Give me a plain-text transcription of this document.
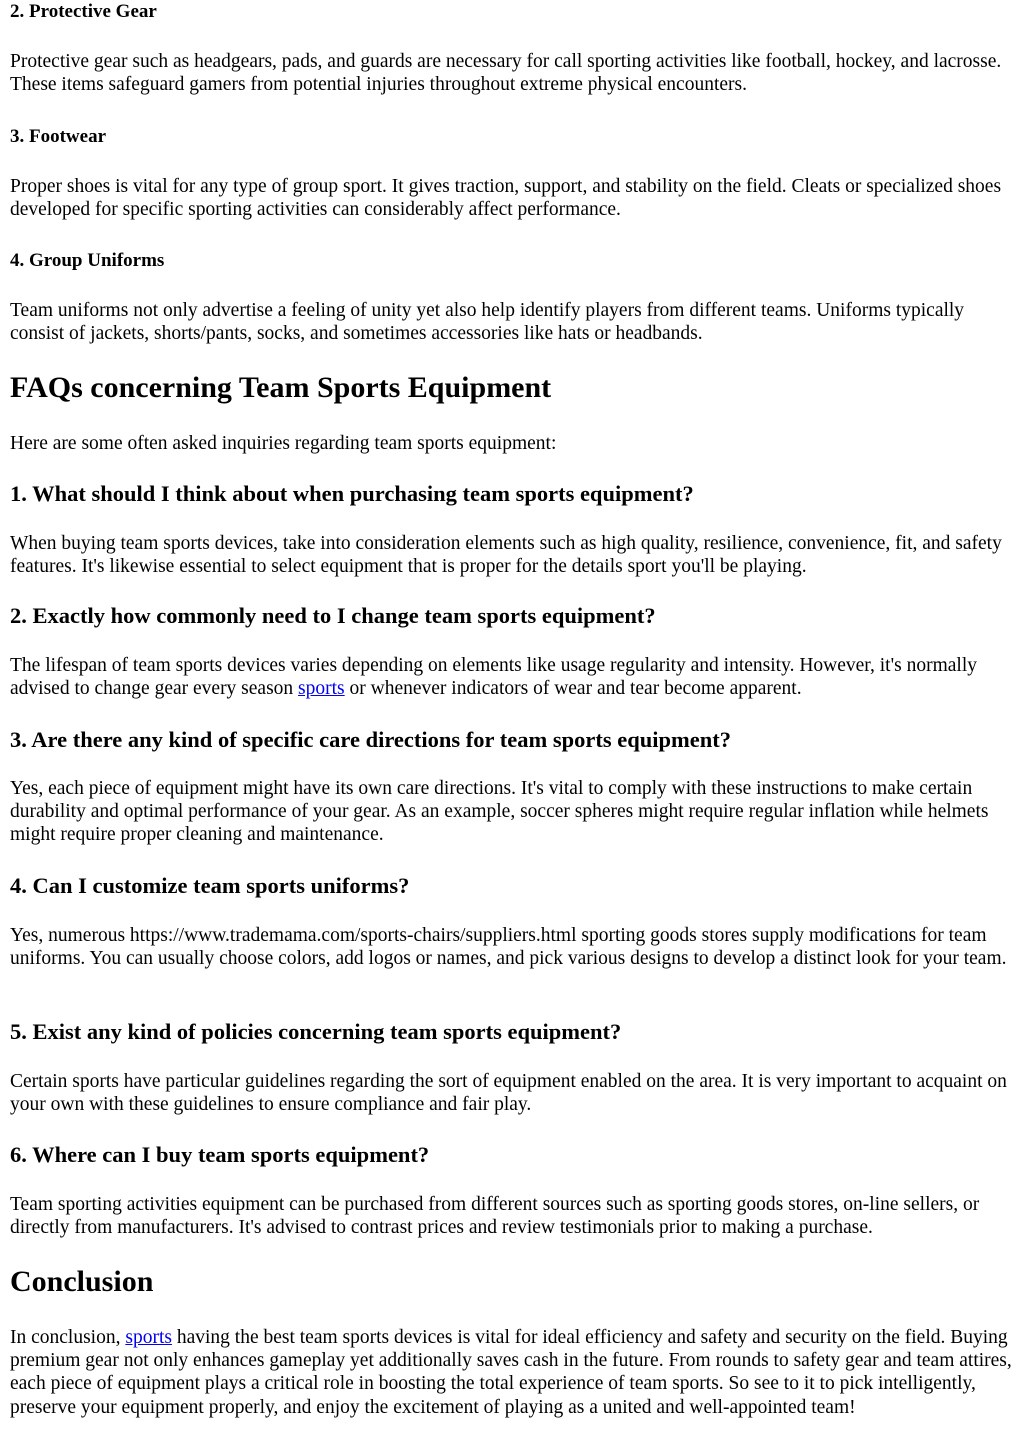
2. Protective Gear

Protective gear such as headgears, pads, and guards are necessary for call sporting activities like football, hockey, and lacrosse. These items safeguard gamers from potential injuries throughout extreme physical encounters.

3. Footwear

Proper shoes is vital for any type of group sport. It gives traction, support, and stability on the field. Cleats or specialized shoes developed for specific sporting activities can considerably affect performance.

4. Group Uniforms

Team uniforms not only advertise a feeling of unity yet also help identify players from different teams. Uniforms typically consist of jackets, shorts/pants, socks, and sometimes accessories like hats or headbands.

FAQs concerning Team Sports Equipment

Here are some often asked inquiries regarding team sports equipment:

1. What should I think about when purchasing team sports equipment?

When buying team sports devices, take into consideration elements such as high quality, resilience, convenience, fit, and safety features. It's likewise essential to select equipment that is proper for the details sport you'll be playing.

2. Exactly how commonly need to I change team sports equipment?

The lifespan of team sports devices varies depending on elements like usage regularity and intensity. However, it's normally advised to change gear every season sports or whenever indicators of wear and tear become apparent.

3. Are there any kind of specific care directions for team sports equipment?

Yes, each piece of equipment might have its own care directions. It's vital to comply with these instructions to make certain durability and optimal performance of your gear. As an example, soccer spheres might require regular inflation while helmets might require proper cleaning and maintenance.

4. Can I customize team sports uniforms?

Yes, numerous https://www.trademama.com/sports-chairs/suppliers.html sporting goods stores supply modifications for team uniforms. You can usually choose colors, add logos or names, and pick various designs to develop a distinct look for your team.

5. Exist any kind of policies concerning team sports equipment?

Certain sports have particular guidelines regarding the sort of equipment enabled on the area. It is very important to acquaint on your own with these guidelines to ensure compliance and fair play.

6. Where can I buy team sports equipment?

Team sporting activities equipment can be purchased from different sources such as sporting goods stores, on-line sellers, or directly from manufacturers. It's advised to contrast prices and review testimonials prior to making a purchase.

Conclusion

In conclusion, sports having the best team sports devices is vital for ideal efficiency and safety and security on the field. Buying premium gear not only enhances gameplay yet additionally saves cash in the future. From rounds to safety gear and team attires, each piece of equipment plays a critical role in boosting the total experience of team sports. So see to it to pick intelligently, preserve your equipment properly, and enjoy the excitement of playing as a united and well-appointed team!
